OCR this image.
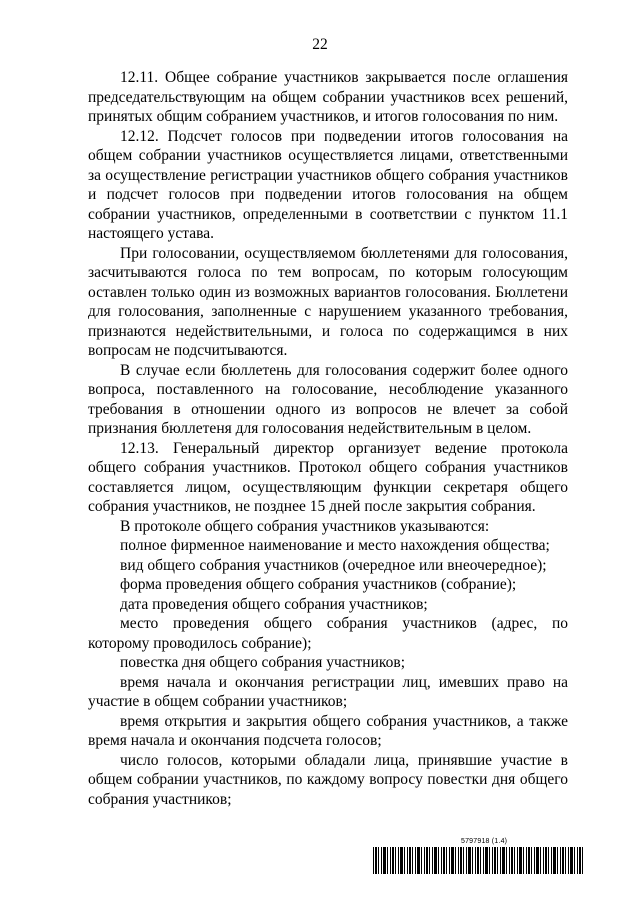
22

12.11. Общее собрание участников закрывается после оглашения председательствующим на общем собрании участников всех решений, принятых общим собранием участников, и итогов голосования по ним.

12.12. Подсчет голосов при подведении итогов голосования на общем собрании участников осуществляется лицами, ответственными за осуществление регистрации участников общего собрания участников и подсчет голосов при подведении итогов голосования на общем собрании участников, определенными в соответствии с пунктом 11.1 настоящего устава.

При голосовании, осуществляемом бюллетенями для голосования, засчитываются голоса по тем вопросам, по которым голосующим оставлен только один из возможных вариантов голосования. Бюллетени для голосования, заполненные с нарушением указанного требования, признаются недействительными, и голоса по содержащимся в них вопросам не подсчитываются.

В случае если бюллетень для голосования содержит более одного вопроса, поставленного на голосование, несоблюдение указанного требования в отношении одного из вопросов не влечет за собой признания бюллетеня для голосования недействительным в целом.

12.13. Генеральный директор организует ведение протокола общего собрания участников. Протокол общего собрания участников составляется лицом, осуществляющим функции секретаря общего собрания участников, не позднее 15 дней после закрытия собрания.

В протоколе общего собрания участников указываются:

полное фирменное наименование и место нахождения общества;

вид общего собрания участников (очередное или внеочередное);

форма проведения общего собрания участников (собрание);

дата проведения общего собрания участников;

место проведения общего собрания участников (адрес, по которому проводилось собрание);

повестка дня общего собрания участников;

время начала и окончания регистрации лиц, имевших право на участие в общем собрании участников;

время открытия и закрытия общего собрания участников, а также время начала и окончания подсчета голосов;

число голосов, которыми обладали лица, принявшие участие в общем собрании участников, по каждому вопросу повестки дня общего собрания участников;

5797918 (1.4)
